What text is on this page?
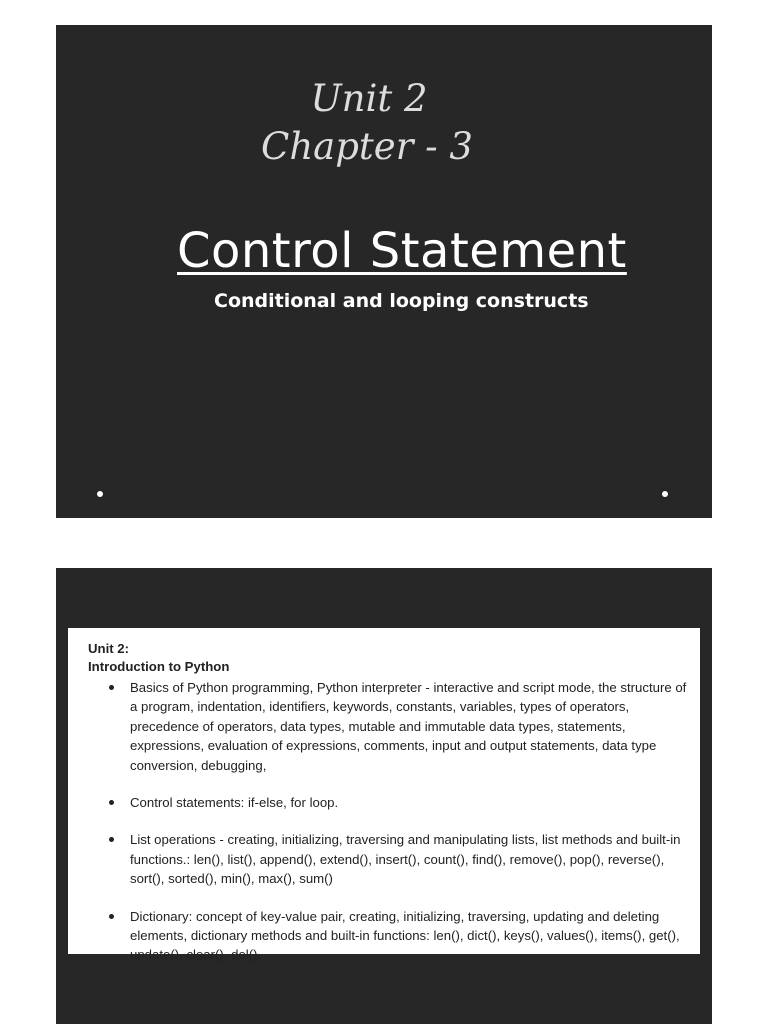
Unit 2
Chapter - 3
Control Statement
Conditional and looping constructs
Unit 2:
Introduction to Python
Basics of Python programming, Python interpreter - interactive and script mode, the structure of a program, indentation, identifiers, keywords, constants, variables, types of operators, precedence of operators, data types, mutable and immutable data types, statements, expressions, evaluation of expressions, comments, input and output statements, data type conversion, debugging,
Control statements: if-else, for loop.
List operations - creating, initializing, traversing and manipulating lists, list methods and built-in functions.: len(), list(), append(), extend(), insert(), count(), find(), remove(), pop(), reverse(), sort(), sorted(), min(), max(), sum()
Dictionary: concept of key-value pair, creating, initializing, traversing, updating and deleting elements, dictionary methods and built-in functions: len(), dict(), keys(), values(), items(), get(), update(), clear(), del()
